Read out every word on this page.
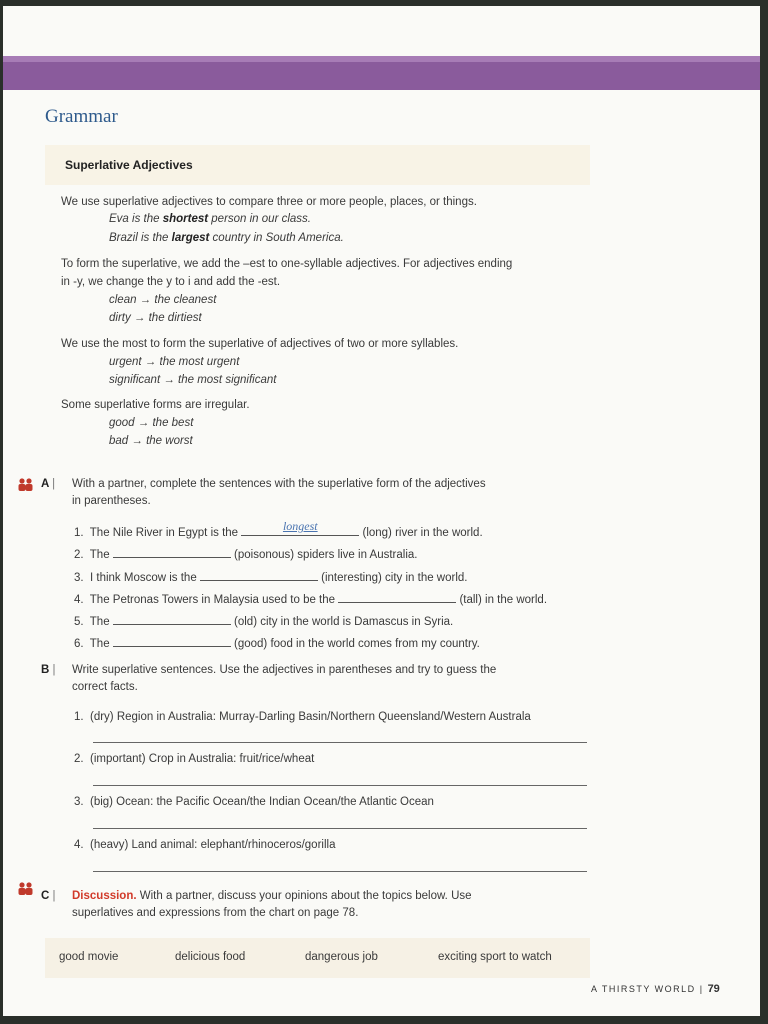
Grammar
Superlative Adjectives
We use superlative adjectives to compare three or more people, places, or things.
Eva is the shortest person in our class.
Brazil is the largest country in South America.
To form the superlative, we add the –est to one-syllable adjectives. For adjectives ending
in -y, we change the y to i and add the -est.
clean → the cleanest
dirty → the dirtiest
We use the most to form the superlative of adjectives of two or more syllables.
urgent → the most urgent
significant → the most significant
Some superlative forms are irregular.
good → the best
bad → the worst
A | With a partner, complete the sentences with the superlative form of the adjectives
in parentheses.
1. The Nile River in Egypt is the	longest	(long) river in the world.
2. The	(poisonous) spiders live in Australia.
3. I think Moscow is the	(interesting) city in the world.
4. The Petronas Towers in Malaysia used to be the	(tall) in the world.
5. The	(old) city in the world is Damascus in Syria.
6. The	(good) food in the world comes from my country.
B | Write superlative sentences. Use the adjectives in parentheses and try to guess the
correct facts.
1. (dry) Region in Australia: Murray-Darling Basin/Northern Queensland/Western Australa
2. (important) Crop in Australia: fruit/rice/wheat
3. (big) Ocean: the Pacific Ocean/the Indian Ocean/the Atlantic Ocean
4. (heavy) Land animal: elephant/rhinoceros/gorilla
C | Discussion. With a partner, discuss your opinions about the topics below. Use
superlatives and expressions from the chart on page 78.
good movie	delicious food	dangerous job	exciting sport to watch
A THIRSTY WORLD | 79
